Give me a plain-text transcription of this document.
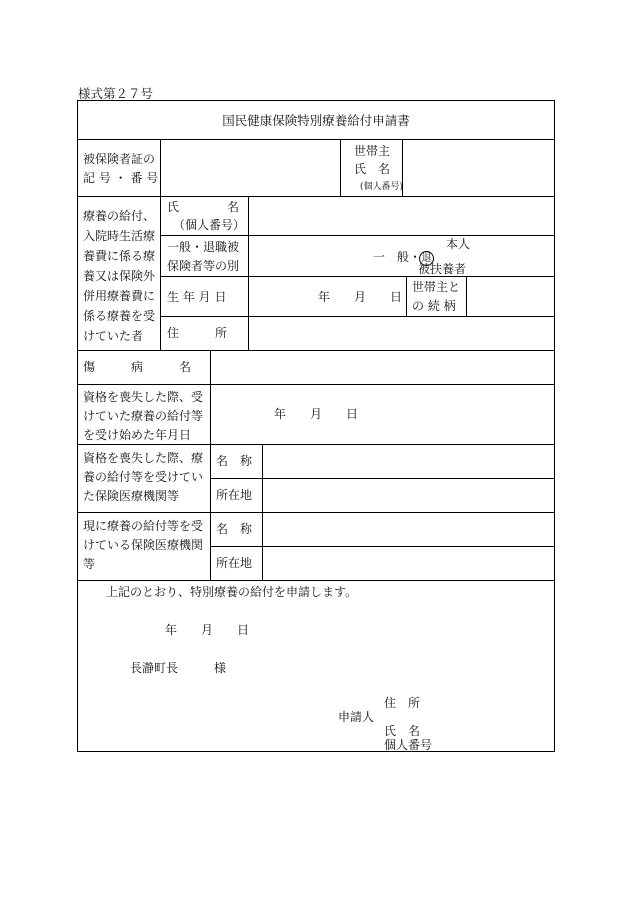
様式第２７号
国民健康保険特別療養給付申請書
被保険者証の
記 号 ・ 番 号
世帯主
氏　名
(個人番号)
療養の給付、
入院時生活療
養費に係る療
養又は保険外
併用療養費に
係る療養を受
けていた者
氏　　　　名
（個人番号）
一般・退職被
保険者等の別
一　般・ 退
本人
被扶養者
生 年 月 日	年　　月　　日
世帯主と
の 続 柄
住　　　所
傷　　　病　　　名
資格を喪失した際、受
けていた療養の給付等
を受け始めた年月日
年　　月　　日
資格を喪失した際、療
養の給付等を受けてい
た保険医療機関等
名　称
所在地
現に療養の給付等を受
けている保険医療機関
等
名　称
所在地
上記のとおり、特別療養の給付を申請します。
年　　月　　日
長瀞町長　　　様
住　所
申請人
氏　名
個人番号
